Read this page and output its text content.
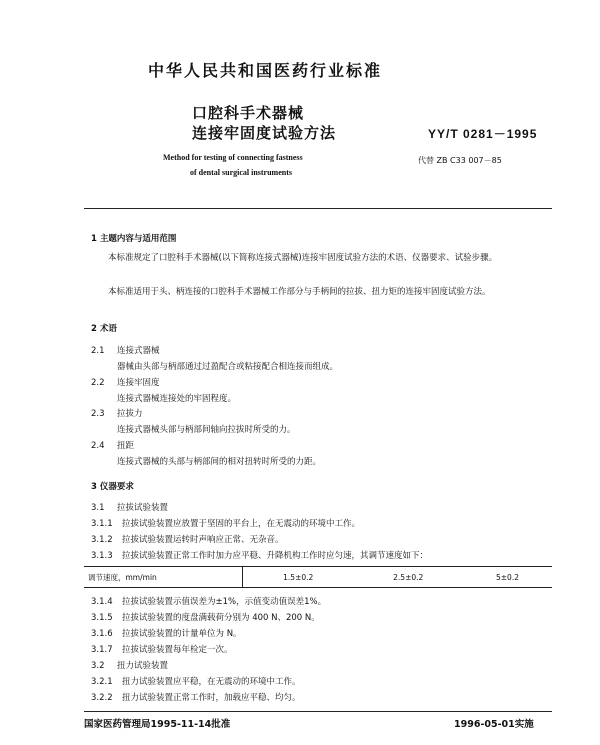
中华人民共和国医药行业标准
口腔科手术器械
连接牢固度试验方法	YY/T 0281－1995
Method for testing of connecting fastness
of dental surgical instruments
代替 ZB C33 007－85
1 主题内容与适用范围
本标准规定了口腔科手术器械(以下简称连接式器械)连接牢固度试验方法的术语、仪器要求、试验步骤。
本标准适用于头、柄连接的口腔科手术器械工作部分与手柄间的拉拔、扭力矩的连接牢固度试验方法。
2 术语
2.1 连接式器械
器械由头部与柄部通过过盈配合或粘接配合相连接而组成。
2.2 连接牢固度
连接式器械连接处的牢固程度。
2.3 拉拔力
连接式器械头部与柄部间轴向拉拔时所受的力。
2.4 扭距
连接式器械的头部与柄部间的相对扭转时所受的力距。
3 仪器要求
3.1 拉拔试验装置
3.1.1 拉拔试验装置应放置于坚固的平台上，在无震动的环境中工作。
3.1.2 拉拔试验装置运转时声响应正常、无杂音。
3.1.3 拉拔试验装置正常工作时加力应平稳、升降机构工作时应匀速，其调节速度如下：
调节速度，mm/min	1.5±0.2	2.5±0.2	5±0.2
3.1.4 拉拔试验装置示值误差为±1%，示值变动值误差1%。
3.1.5 拉拔试验装置的度盘满载荷分别为 400 N、200 N。
3.1.6 拉拔试验装置的计量单位为 N。
3.1.7 拉拔试验装置每年检定一次。
3.2 扭力试验装置
3.2.1 扭力试验装置应平稳，在无震动的环境中工作。
3.2.2 扭力试验装置正常工作时，加载应平稳、均匀。
国家医药管理局1995-11-14批准	1996-05-01实施
